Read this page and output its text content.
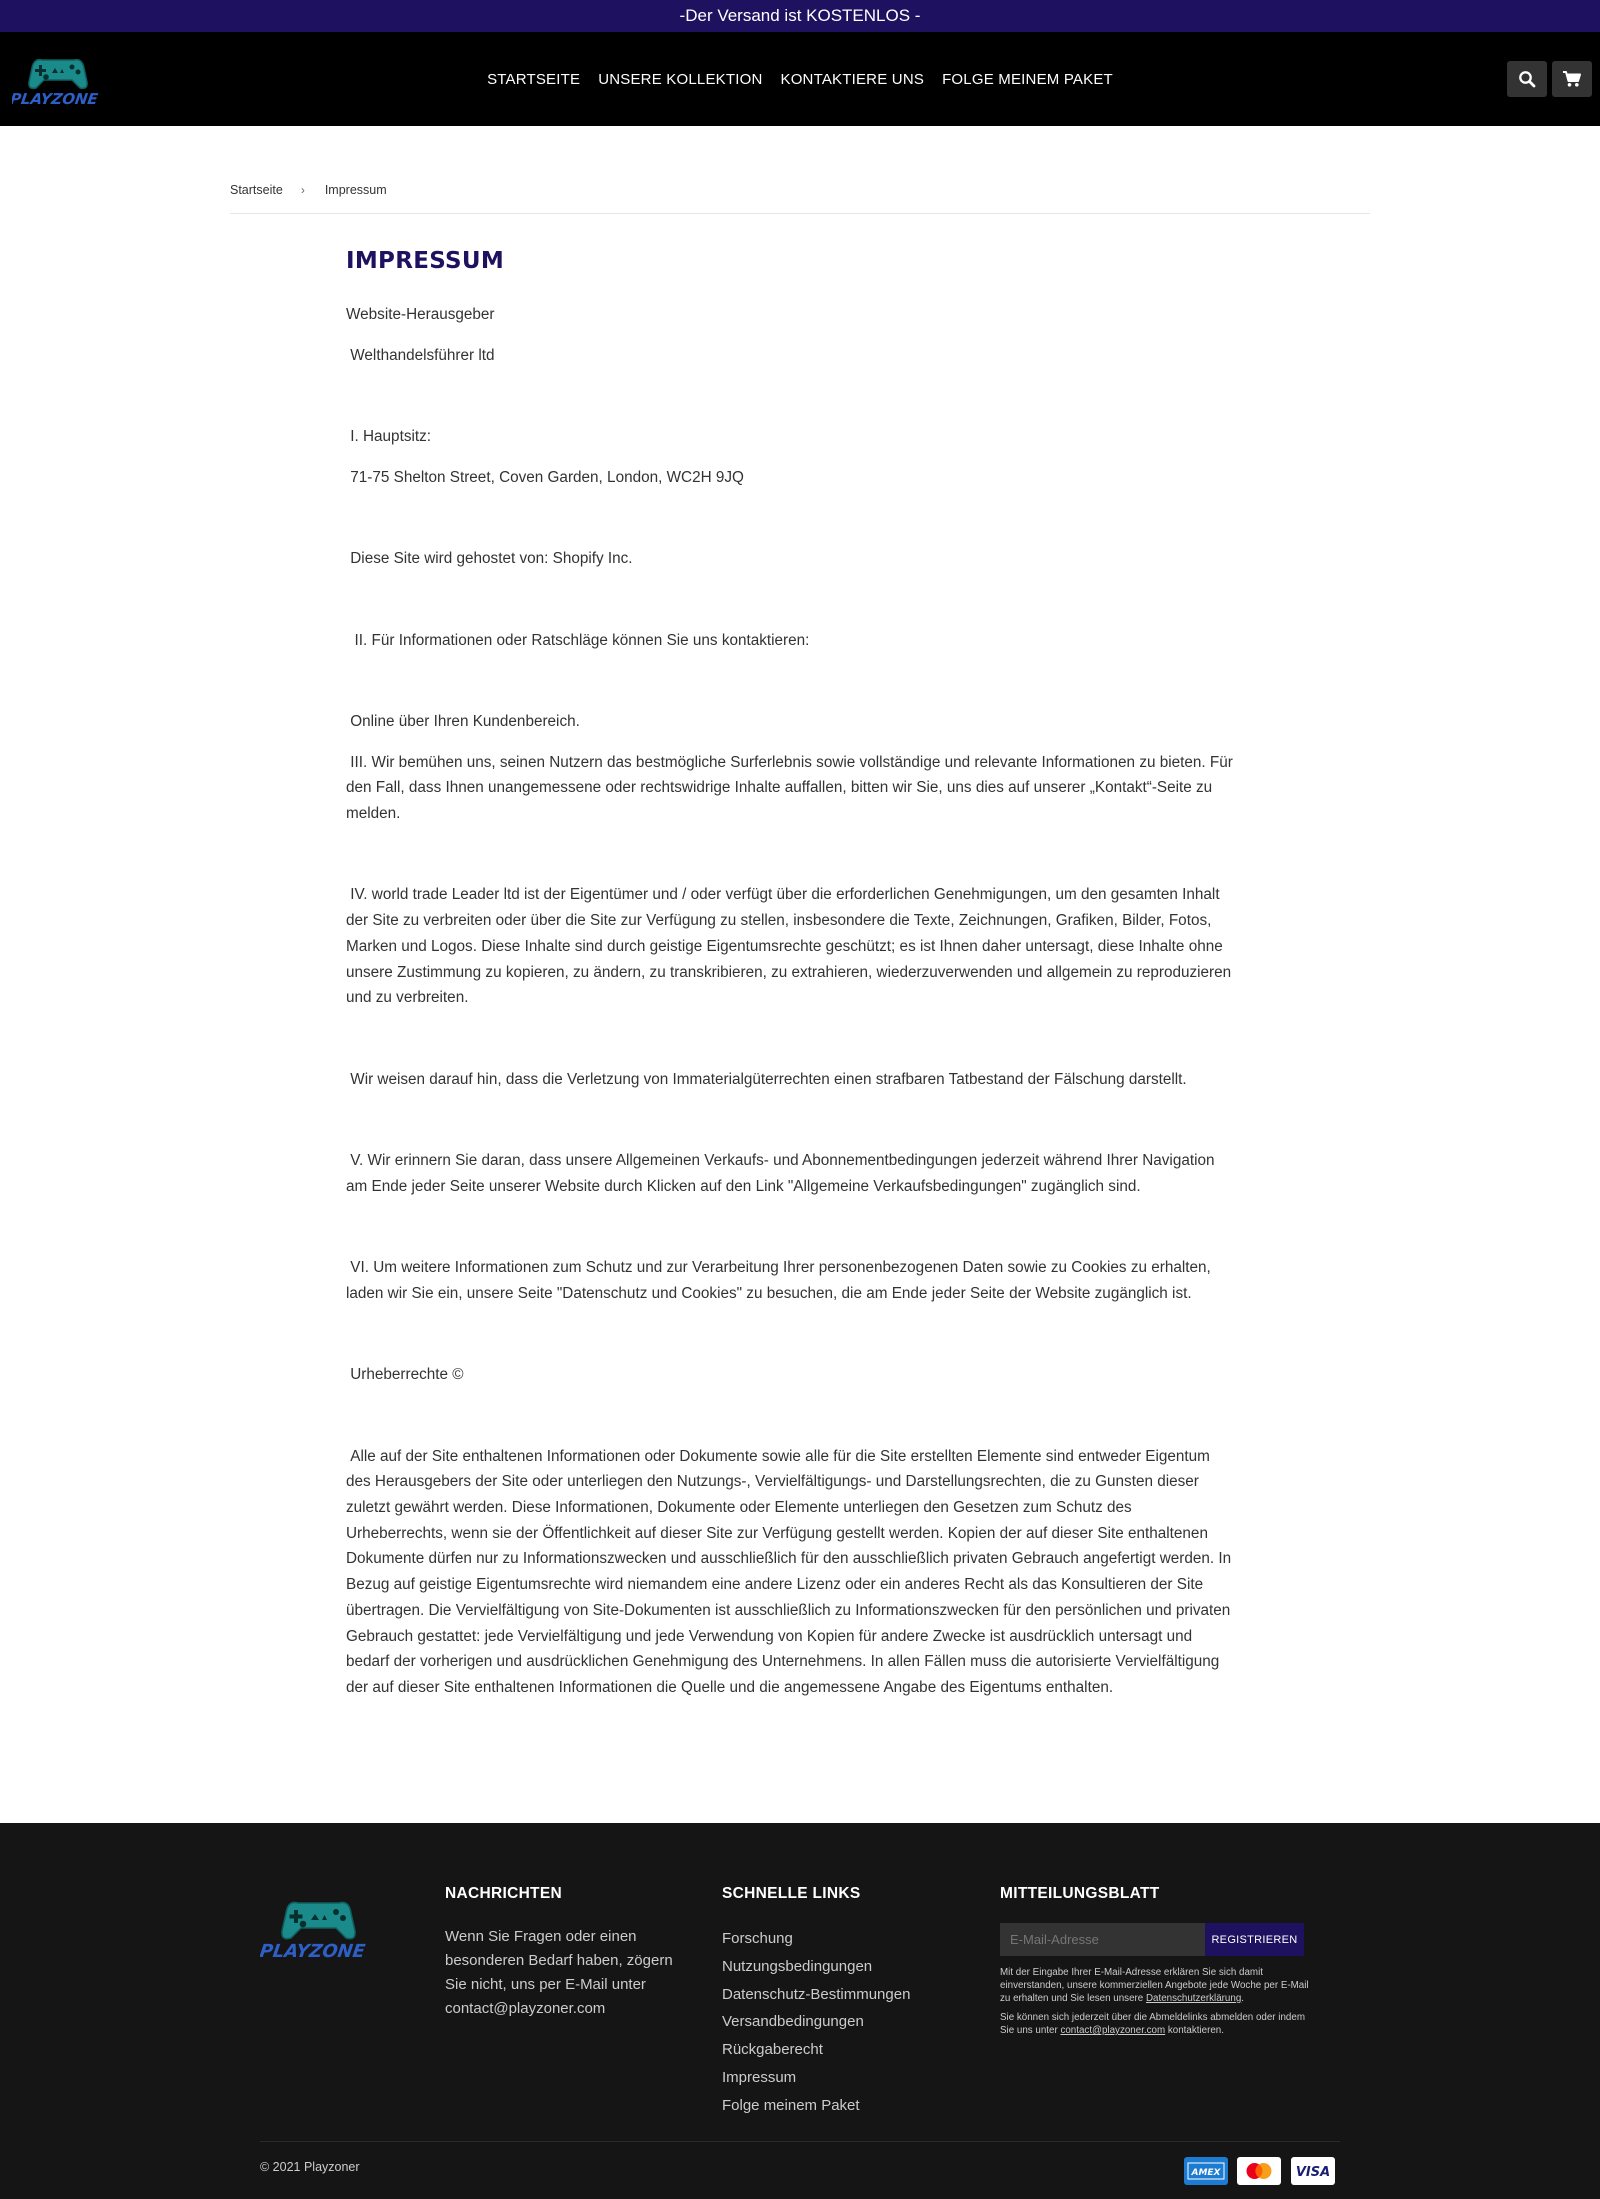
-Der Versand ist KOSTENLOS -
PLAYZONE
STARTSEITE	UNSERE KOLLEKTION	KONTAKTIERE UNS	FOLGE MEINEM PAKET
Startseite › Impressum
IMPRESSUM

Website-Herausgeber

Welthandelsführer ltd

I. Hauptsitz:

71-75 Shelton Street, Coven Garden, London, WC2H 9JQ

Diese Site wird gehostet von: Shopify Inc.

II. Für Informationen oder Ratschläge können Sie uns kontaktieren:

Online über Ihren Kundenbereich.

III. Wir bemühen uns, seinen Nutzern das bestmögliche Surferlebnis sowie vollständige und relevante Informationen zu bieten. Für den Fall, dass Ihnen unangemessene oder rechtswidrige Inhalte auffallen, bitten wir Sie, uns dies auf unserer „Kontakt“-Seite zu melden.

IV. world trade Leader ltd ist der Eigentümer und / oder verfügt über die erforderlichen Genehmigungen, um den gesamten Inhalt der Site zu verbreiten oder über die Site zur Verfügung zu stellen, insbesondere die Texte, Zeichnungen, Grafiken, Bilder, Fotos, Marken und Logos. Diese Inhalte sind durch geistige Eigentumsrechte geschützt; es ist Ihnen daher untersagt, diese Inhalte ohne unsere Zustimmung zu kopieren, zu ändern, zu transkribieren, zu extrahieren, wiederzuverwenden und allgemein zu reproduzieren und zu verbreiten.

Wir weisen darauf hin, dass die Verletzung von Immaterialgüterrechten einen strafbaren Tatbestand der Fälschung darstellt.

V. Wir erinnern Sie daran, dass unsere Allgemeinen Verkaufs- und Abonnementbedingungen jederzeit während Ihrer Navigation am Ende jeder Seite unserer Website durch Klicken auf den Link "Allgemeine Verkaufsbedingungen" zugänglich sind.

VI. Um weitere Informationen zum Schutz und zur Verarbeitung Ihrer personenbezogenen Daten sowie zu Cookies zu erhalten, laden wir Sie ein, unsere Seite "Datenschutz und Cookies" zu besuchen, die am Ende jeder Seite der Website zugänglich ist.

Urheberrechte ©

Alle auf der Site enthaltenen Informationen oder Dokumente sowie alle für die Site erstellten Elemente sind entweder Eigentum des Herausgebers der Site oder unterliegen den Nutzungs-, Vervielfältigungs- und Darstellungsrechten, die zu Gunsten dieser zuletzt gewährt werden. Diese Informationen, Dokumente oder Elemente unterliegen den Gesetzen zum Schutz des Urheberrechts, wenn sie der Öffentlichkeit auf dieser Site zur Verfügung gestellt werden. Kopien der auf dieser Site enthaltenen Dokumente dürfen nur zu Informationszwecken und ausschließlich für den ausschließlich privaten Gebrauch angefertigt werden. In Bezug auf geistige Eigentumsrechte wird niemandem eine andere Lizenz oder ein anderes Recht als das Konsultieren der Site übertragen. Die Vervielfältigung von Site-Dokumenten ist ausschließlich zu Informationszwecken für den persönlichen und privaten Gebrauch gestattet: jede Vervielfältigung und jede Verwendung von Kopien für andere Zwecke ist ausdrücklich untersagt und bedarf der vorherigen und ausdrücklichen Genehmigung des Unternehmens. In allen Fällen muss die autorisierte Vervielfältigung der auf dieser Site enthaltenen Informationen die Quelle und die angemessene Angabe des Eigentums enthalten.

PLAYZONE
NACHRICHTEN

Wenn Sie Fragen oder einen besonderen Bedarf haben, zögern Sie nicht, uns per E-Mail unter contact@playzoner.com

SCHNELLE LINKS
Forschung
Nutzungsbedingungen
Datenschutz-Bestimmungen
Versandbedingungen
Rückgaberecht
Impressum
Folge meinem Paket
MITTEILUNGSBLATT
E-Mail-Adresse
REGISTRIEREN

Mit der Eingabe Ihrer E-Mail-Adresse erklären Sie sich damit einverstanden, unsere kommerziellen Angebote jede Woche per E-Mail zu erhalten und Sie lesen unsere Datenschutzerklärung.

Sie können sich jederzeit über die Abmeldelinks abmelden oder indem Sie uns unter contact@playzoner.com kontaktieren.

© 2021 Playzoner	AMEX	VISA
